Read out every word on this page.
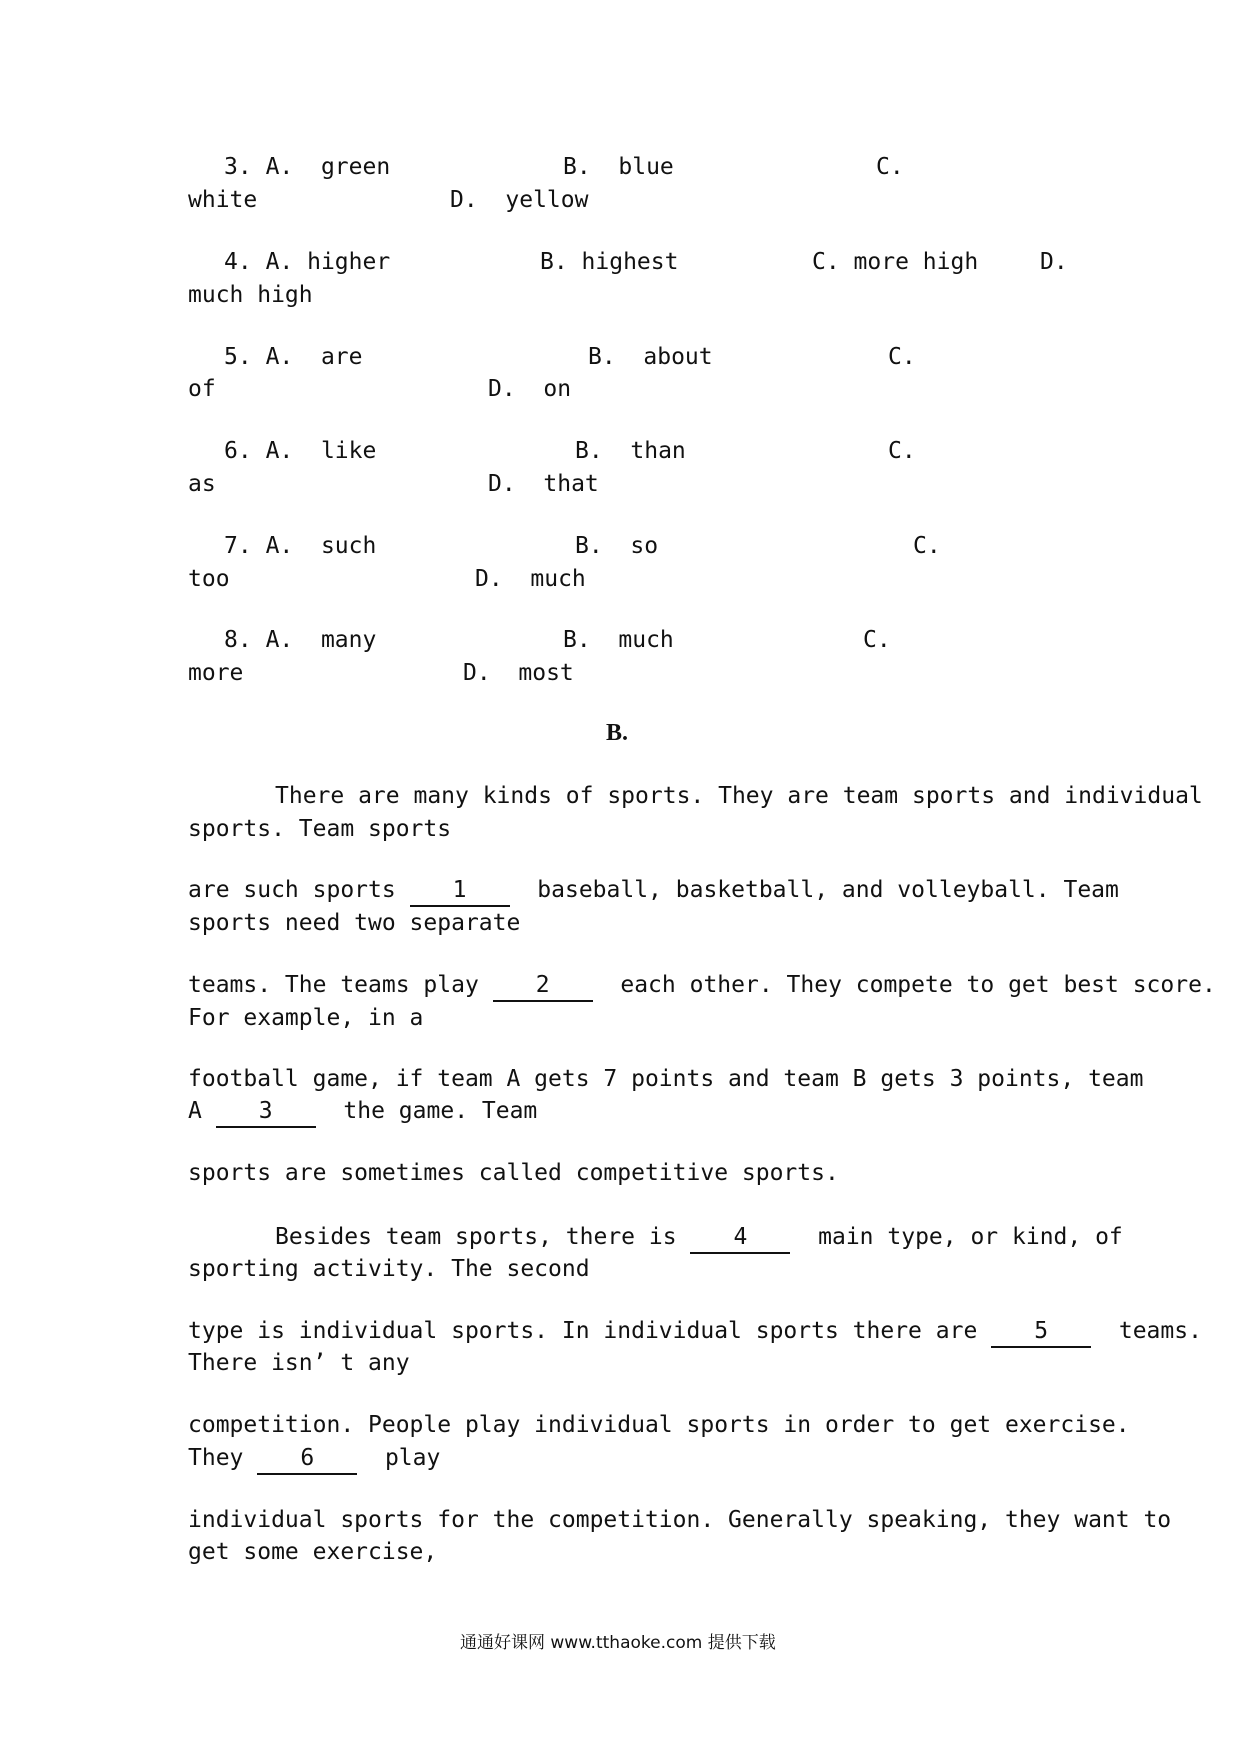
3. A.  green	B.  blue	C.
white	D.  yellow
4. A. higher	B. highest	C. more high	D.
much high
5. A.  are	B.  about	C.
of	D.  on
6. A.  like	B.  than	C.
as	D.  that
7. A.  such	B.  so	C.
too	D.  much
8. A.  many	B.  much	C.
more	D.  most
B.
There are many kinds of sports. They are team sports and individual
sports. Team sports
are such sports 1	baseball, basketball, and volleyball. Team
sports need two separate
teams. The teams play 2	each other. They compete to get best score.
For example, in a
football game, if team A gets 7 points and team B gets 3 points, team
A 3	the game. Team
sports are sometimes called competitive sports.
Besides team sports, there is 4	main type, or kind, of
sporting activity. The second
type is individual sports. In individual sports there are 5	teams.
There isn’ t any
competition. People play individual sports in order to get exercise.
They 6	play
individual sports for the competition. Generally speaking, they want to
get some exercise,
通通好课网 www.tthaoke.com 提供下载
